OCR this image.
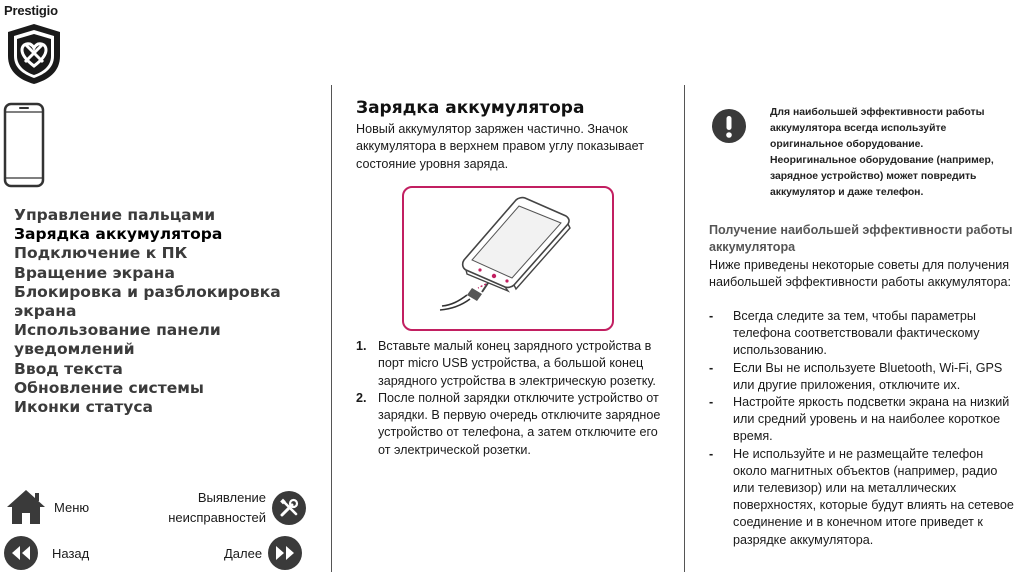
Prestigio
Управление пальцами
Зарядка аккумулятора
Подключение к ПК
Вращение экрана
Блокировка и разблокировка экрана
Использование панели уведомлений
Ввод текста
Обновление системы
Иконки статуса
Меню
Выявление неисправностей
Назад	Далее
Зарядка аккумулятора

Новый аккумулятор заряжен частично. Значок аккумулятора в верхнем правом углу показывает состояние уровня заряда.

1. Вставьте малый конец зарядного устройства в порт micro USB устройства, а большой конец зарядного устройства в электрическую розетку.
2. После полной зарядки отключите устройство от зарядки. В первую очередь отключите зарядное устройство от телефона, а затем отключите его от электрической розетки.

Для наибольшей эффективности работы аккумулятора всегда используйте оригинальное оборудование. Неоригинальное оборудование (например, зарядное устройство) может повредить аккумулятор и даже телефон.

Получение наибольшей эффективности работы аккумулятора

Ниже приведены некоторые советы для получения наибольшей эффективности работы аккумулятора:

-	Всегда следите за тем, чтобы параметры телефона соответствовали фактическому использованию.
-	Если Вы не используете Bluetooth, Wi-Fi, GPS или другие приложения, отключите их.
-	Настройте яркость подсветки экрана на низкий или средний уровень и на наиболее короткое время.
-	Не используйте и не размещайте телефон около магнитных объектов (например, радио или телевизор) или на металлических поверхностях, которые будут влиять на сетевое соединение и в конечном итоге приведет к разрядке аккумулятора.
